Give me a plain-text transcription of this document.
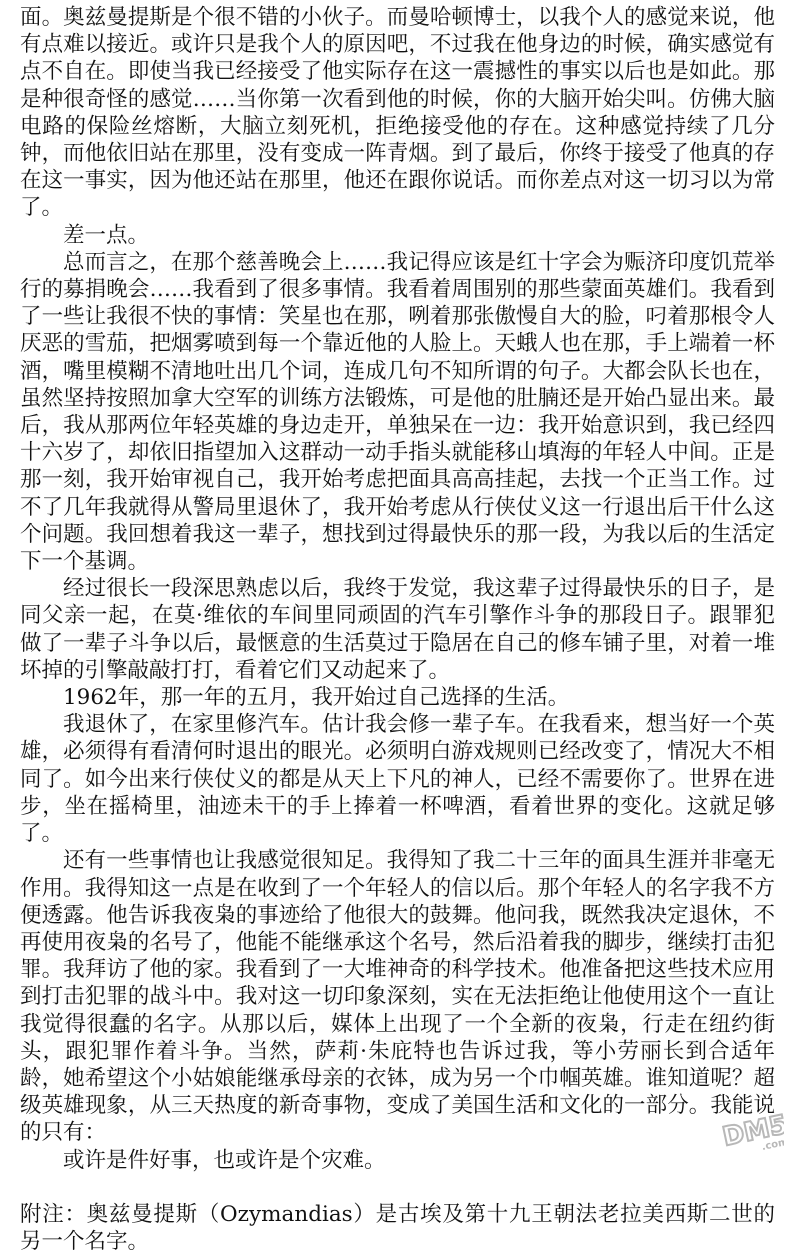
面。奥兹曼提斯是个很不错的小伙子。而曼哈顿博士，以我个人的感觉来说，他有点难以接近。或许只是我个人的原因吧，不过我在他身边的时候，确实感觉有点不自在。即使当我已经接受了他实际存在这一震撼性的事实以后也是如此。那是种很奇怪的感觉……当你第一次看到他的时候，你的大脑开始尖叫。仿佛大脑电路的保险丝熔断，大脑立刻死机，拒绝接受他的存在。这种感觉持续了几分钟，而他依旧站在那里，没有变成一阵青烟。到了最后，你终于接受了他真的存在这一事实，因为他还站在那里，他还在跟你说话。而你差点对这一切习以为常了。

差一点。

总而言之，在那个慈善晚会上……我记得应该是红十字会为赈济印度饥荒举行的募捐晚会……我看到了很多事情。我看着周围别的那些蒙面英雄们。我看到了一些让我很不快的事情：笑星也在那，咧着那张傲慢自大的脸，叼着那根令人厌恶的雪茄，把烟雾喷到每一个靠近他的人脸上。天蛾人也在那，手上端着一杯酒，嘴里模糊不清地吐出几个词，连成几句不知所谓的句子。大都会队长也在，虽然坚持按照加拿大空军的训练方法锻炼，可是他的肚腩还是开始凸显出来。最后，我从那两位年轻英雄的身边走开，单独呆在一边：我开始意识到，我已经四十六岁了，却依旧指望加入这群动一动手指头就能移山填海的年轻人中间。正是那一刻，我开始审视自己，我开始考虑把面具高高挂起，去找一个正当工作。过不了几年我就得从警局里退休了，我开始考虑从行侠仗义这一行退出后干什么这个问题。我回想着我这一辈子，想找到过得最快乐的那一段，为我以后的生活定下一个基调。

经过很长一段深思熟虑以后，我终于发觉，我这辈子过得最快乐的日子，是同父亲一起，在莫·维依的车间里同顽固的汽车引擎作斗争的那段日子。跟罪犯做了一辈子斗争以后，最惬意的生活莫过于隐居在自己的修车铺子里，对着一堆坏掉的引擎敲敲打打，看着它们又动起来了。

1962年，那一年的五月，我开始过自己选择的生活。

我退休了，在家里修汽车。估计我会修一辈子车。在我看来，想当好一个英雄，必须得有看清何时退出的眼光。必须明白游戏规则已经改变了，情况大不相同了。如今出来行侠仗义的都是从天上下凡的神人，已经不需要你了。世界在进步，坐在摇椅里，油迹未干的手上捧着一杯啤酒，看着世界的变化。这就足够了。

还有一些事情也让我感觉很知足。我得知了我二十三年的面具生涯并非毫无作用。我得知这一点是在收到了一个年轻人的信以后。那个年轻人的名字我不方便透露。他告诉我夜枭的事迹给了他很大的鼓舞。他问我，既然我决定退休，不再使用夜枭的名号了，他能不能继承这个名号，然后沿着我的脚步，继续打击犯罪。我拜访了他的家。我看到了一大堆神奇的科学技术。他准备把这些技术应用到打击犯罪的战斗中。我对这一切印象深刻，实在无法拒绝让他使用这个一直让我觉得很蠢的名字。从那以后，媒体上出现了一个全新的夜枭，行走在纽约街头，跟犯罪作着斗争。当然，萨莉·朱庇特也告诉过我，等小劳丽长到合适年龄，她希望这个小姑娘能继承母亲的衣钵，成为另一个巾帼英雄。谁知道呢？超级英雄现象，从三天热度的新奇事物，变成了美国生活和文化的一部分。我能说的只有：

或许是件好事，也或许是个灾难。

附注：奥兹曼提斯（Ozymandias）是古埃及第十九王朝法老拉美西斯二世的另一个名字。

DM5
.com
